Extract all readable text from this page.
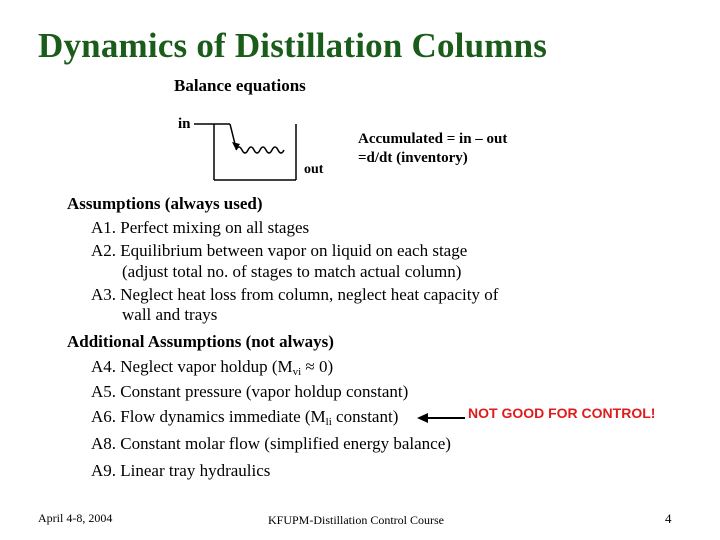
Dynamics of Distillation Columns
Balance equations
in
out
Accumulated = in – out
=d/dt (inventory)
Assumptions (always used)
A1. Perfect mixing on all stages
A2. Equilibrium between vapor on liquid on each stage
(adjust total no. of stages to match actual column)
A3. Neglect heat loss from column, neglect heat capacity of
wall and trays
Additional Assumptions (not always)
A4. Neglect vapor holdup $(M_{vi} \approx 0)$
A5. Constant pressure (vapor holdup constant)
A6. Flow dynamics immediate ($M_{li}$ constant)
A8. Constant molar flow (simplified energy balance)
A9. Linear tray hydraulics
NOT GOOD FOR CONTROL!
April 4-8, 2004	KFUPM-Distillation Control Course	4
